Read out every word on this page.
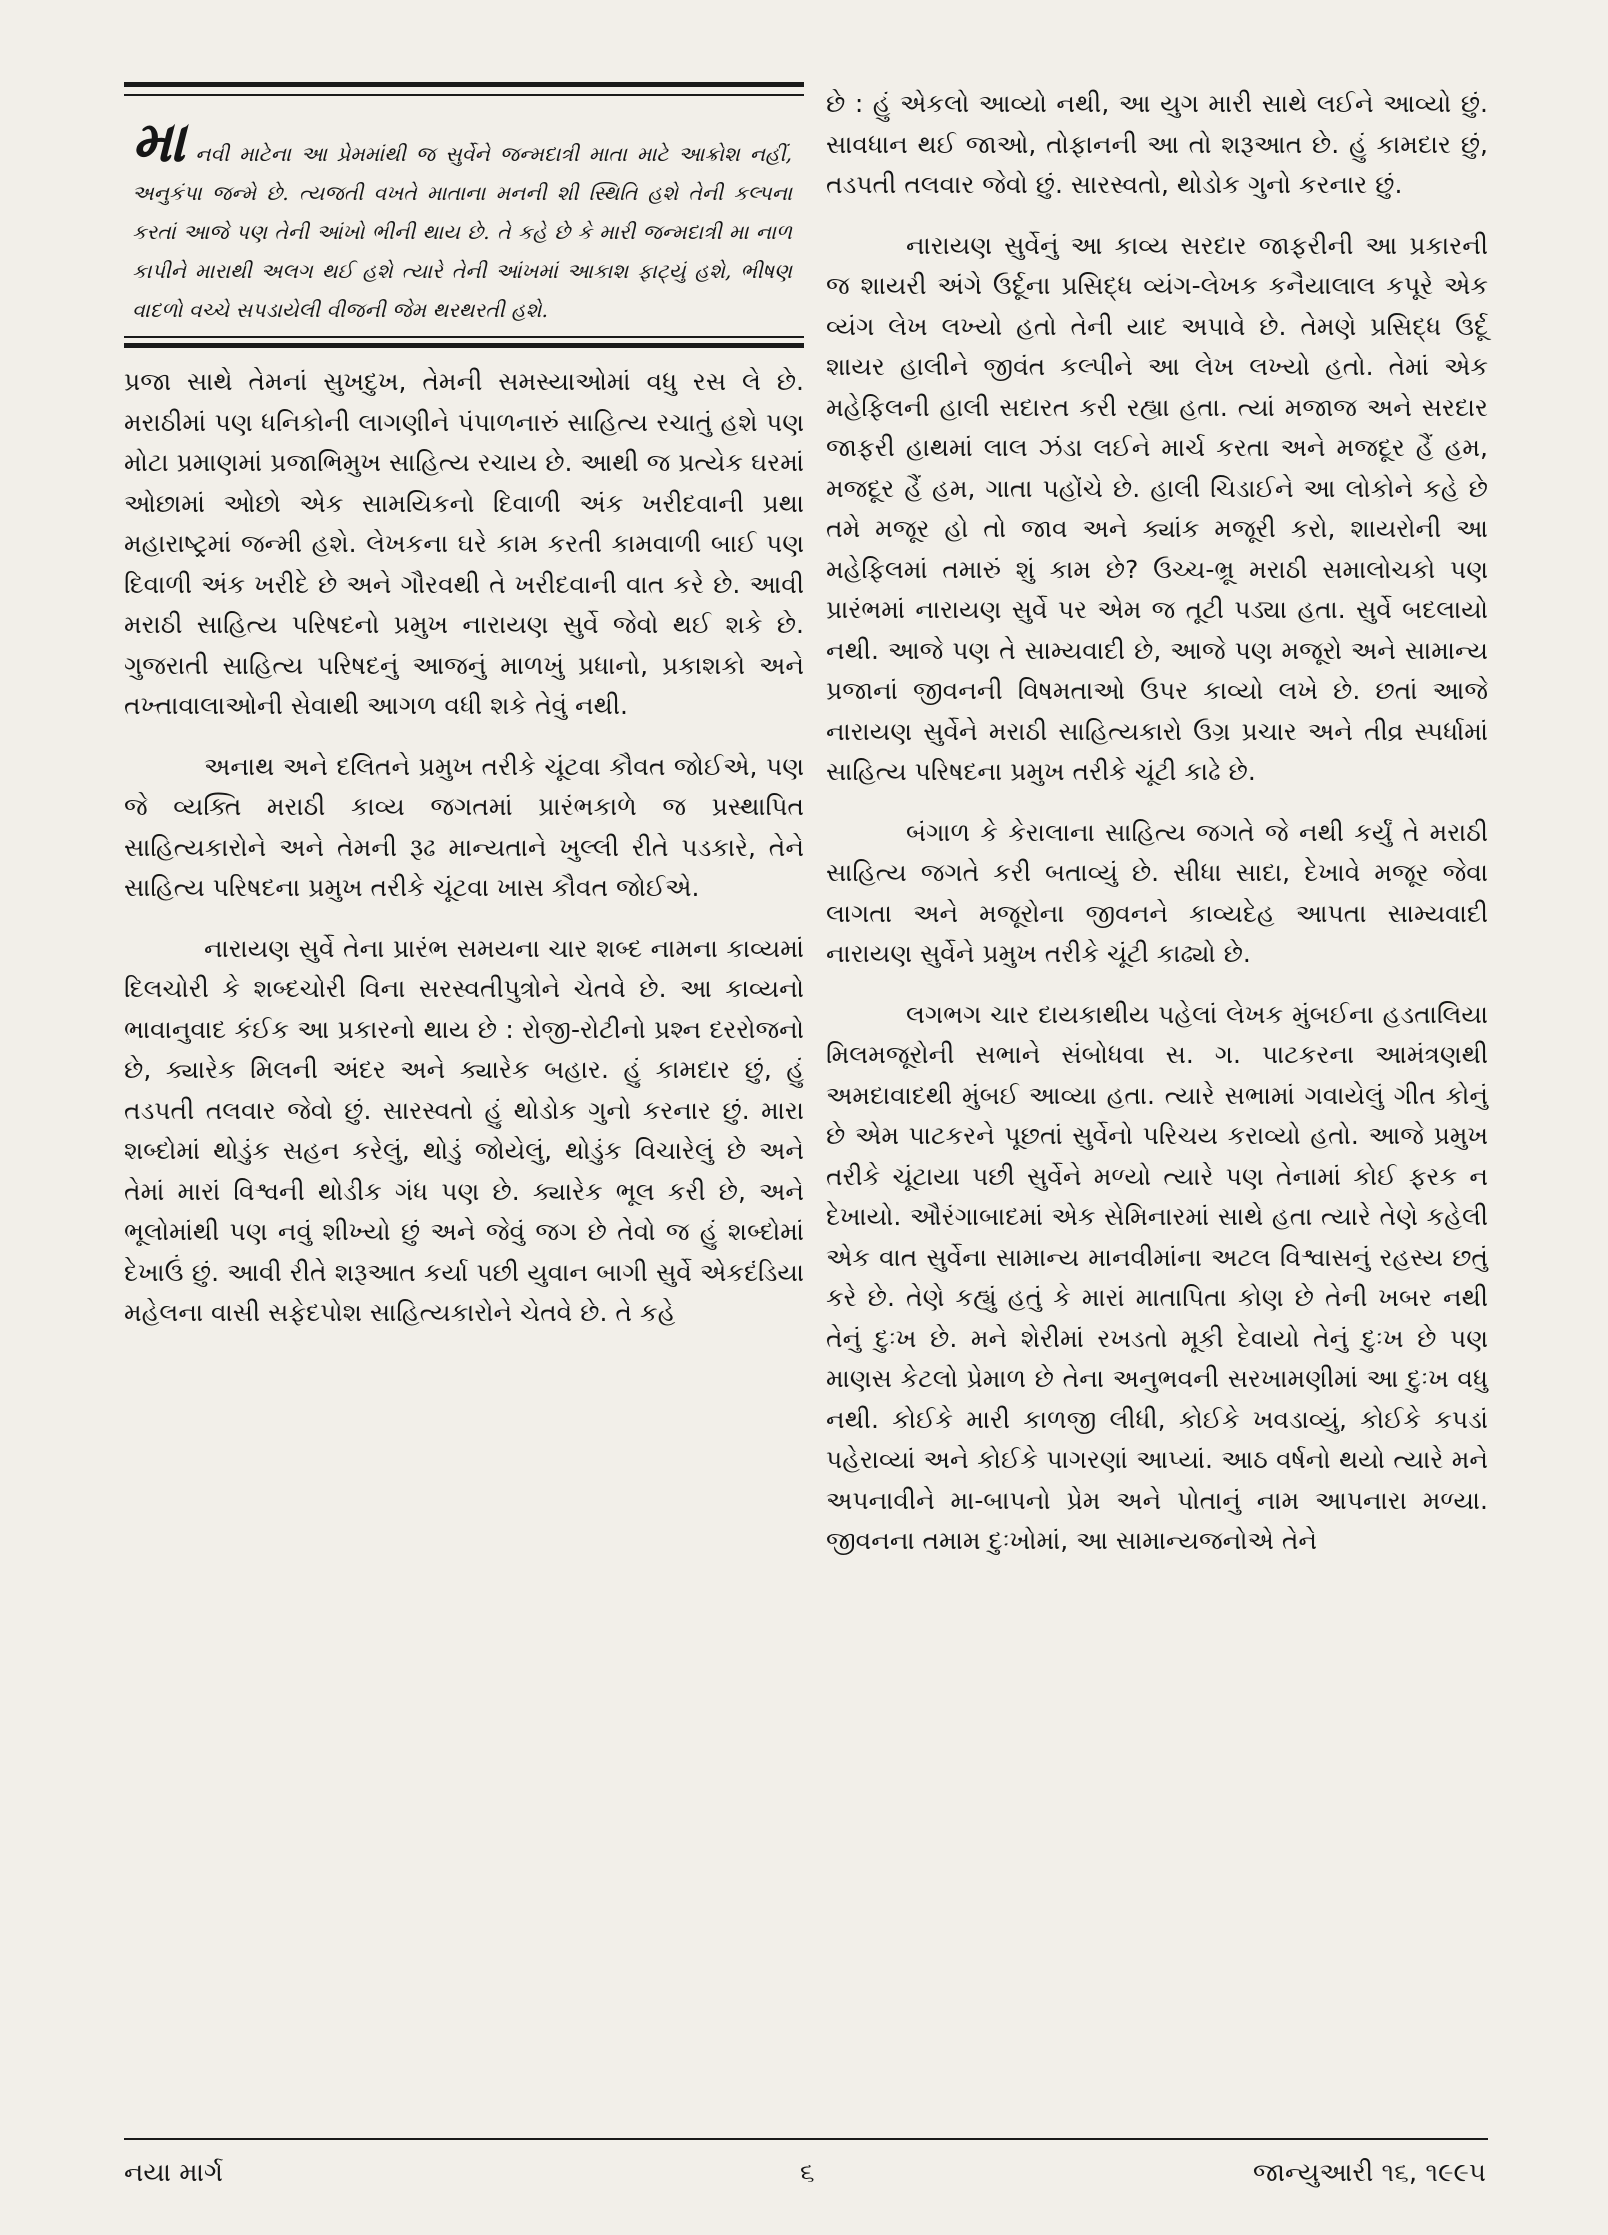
મા નવી માટેના આ પ્રેમમાંથી જ સુર્વેને જન્મદાત્રી માતા માટે આક્રોશ નહીં, અનુકંપા જન્મે છે. ત્યજતી વખતે માતાના મનની શી સ્થિતિ હશે તેની કલ્પના કરતાં આજે પણ તેની આંખો ભીની થાય છે. તે કહે છે કે મારી જન્મદાત્રી મા નાળ કાપીને મારાથી અલગ થઈ હશે ત્યારે તેની આંખમાં આકાશ ફાટ્યું હશે, ભીષણ વાદળો વચ્ચે સપડાયેલી વીજની જેમ થરથરતી હશે.

પ્રજા સાથે તેમનાં સુખદુખ, તેમની સમસ્યાઓમાં વધુ રસ લે છે. મરાઠીમાં પણ ધનિકોની લાગણીને પંપાળનારું સાહિત્ય રચાતું હશે પણ મોટા પ્રમાણમાં પ્રજાભિમુખ સાહિત્ય રચાય છે. આથી જ પ્રત્યેક ઘરમાં ઓછામાં ઓછો એક સામયિકનો દિવાળી અંક ખરીદવાની પ્રથા મહારાષ્ટ્રમાં જન્મી હશે. લેખકના ઘરે કામ કરતી કામવાળી બાઈ પણ દિવાળી અંક ખરીદે છે અને ગૌરવથી તે ખરીદવાની વાત કરે છે. આવી મરાઠી સાહિત્ય પરિષદનો પ્રમુખ નારાયણ સુર્વે જેવો થઈ શકે છે. ગુજરાતી સાહિત્ય પરિષદનું આજનું માળખું પ્રધાનો, પ્રકાશકો અને તખ્તાવાલાઓની સેવાથી આગળ વધી શકે તેવું નથી.

અનાથ અને દલિતને પ્રમુખ તરીકે ચૂંટવા કૌવત જોઈએ, પણ જે વ્યક્તિ મરાઠી કાવ્ય જગતમાં પ્રારંભકાળે જ પ્રસ્થાપિત સાહિત્યકારોને અને તેમની રૂઢ માન્યતાને ખુલ્લી રીતે પડકારે, તેને સાહિત્ય પરિષદના પ્રમુખ તરીકે ચૂંટવા ખાસ કૌવત જોઈએ.

નારાયણ સુર્વે તેના પ્રારંભ સમયના ચાર શબ્દ નામના કાવ્યમાં દિલચોરી કે શબ્દચોરી વિના સરસ્વતીપુત્રોને ચેતવે છે. આ કાવ્યનો ભાવાનુવાદ કંઈક આ પ્રકારનો થાય છે : રોજી-રોટીનો પ્રશ્ન દરરોજનો છે, ક્યારેક મિલની અંદર અને ક્યારેક બહાર. હું કામદાર છું, હું તડપતી તલવાર જેવો છું. સારસ્વતો હું થોડોક ગુનો કરનાર છું. મારા શબ્દોમાં થોડુંક સહન કરેલું, થોડું જોયેલું, થોડુંક વિચારેલું છે અને તેમાં મારાં વિશ્વની થોડીક ગંધ પણ છે. ક્યારેક ભૂલ કરી છે, અને ભૂલોમાંથી પણ નવું શીખ્યો છું અને જેવું જગ છે તેવો જ હું શબ્દોમાં દેખાઉં છું. આવી રીતે શરૂઆત કર્યા પછી યુવાન બાગી સુર્વે એકદંડિયા મહેલના વાસી સફેદપોશ સાહિત્યકારોને ચેતવે છે. તે કહે

છે : હું એકલો આવ્યો નથી, આ યુગ મારી સાથે લઈને આવ્યો છું. સાવધાન થઈ જાઓ, તોફાનની આ તો શરૂઆત છે. હું કામદાર છું, તડપતી તલવાર જેવો છું. સારસ્વતો, થોડોક ગુનો કરનાર છું.

નારાયણ સુર્વેનું આ કાવ્ય સરદાર જાફરીની આ પ્રકારની જ શાયરી અંગે ઉર્દૂના પ્રસિદ્ધ વ્યંગ-લેખક કનૈયાલાલ કપૂરે એક વ્યંગ લેખ લખ્યો હતો તેની યાદ અપાવે છે. તેમણે પ્રસિદ્ધ ઉર્દૂ શાયર હાલીને જીવંત કલ્પીને આ લેખ લખ્યો હતો. તેમાં એક મહેફિલની હાલી સદારત કરી રહ્યા હતા. ત્યાં મજાજ અને સરદાર જાફરી હાથમાં લાલ ઝંડા લઈને માર્ચ કરતા અને મજદૂર હૈં હમ, મજદૂર હૈં હમ, ગાતા પહોંચે છે. હાલી ચિડાઈને આ લોકોને કહે છે તમે મજૂર હો તો જાવ અને ક્યાંક મજૂરી કરો, શાયરોની આ મહેફિલમાં તમારું શું કામ છે? ઉચ્ચ-ભ્રૂ મરાઠી સમાલોચકો પણ પ્રારંભમાં નારાયણ સુર્વે પર એમ જ તૂટી પડ્યા હતા. સુર્વે બદલાયો નથી. આજે પણ તે સામ્યવાદી છે, આજે પણ મજૂરો અને સામાન્ય પ્રજાનાં જીવનની વિષમતાઓ ઉપર કાવ્યો લખે છે. છતાં આજે નારાયણ સુર્વેને મરાઠી સાહિત્યકારો ઉગ્ર પ્રચાર અને તીવ્ર સ્પર્ધામાં સાહિત્ય પરિષદના પ્રમુખ તરીકે ચૂંટી કાઢે છે.

બંગાળ કે કેરાલાના સાહિત્ય જગતે જે નથી કર્યું તે મરાઠી સાહિત્ય જગતે કરી બતાવ્યું છે. સીધા સાદા, દેખાવે મજૂર જેવા લાગતા અને મજૂરોના જીવનને કાવ્યદેહ આપતા સામ્યવાદી નારાયણ સુર્વેને પ્રમુખ તરીકે ચૂંટી કાઢ્યો છે.

લગભગ ચાર દાયકાથીય પહેલાં લેખક મુંબઈના હડતાલિયા મિલમજૂરોની સભાને સંબોધવા સ. ગ. પાટકરના આમંત્રણથી અમદાવાદથી મુંબઈ આવ્યા હતા. ત્યારે સભામાં ગવાયેલું ગીત કોનું છે એમ પાટકરને પૂછતાં સુર્વેનો પરિચય કરાવ્યો હતો. આજે પ્રમુખ તરીકે ચૂંટાયા પછી સુર્વેને મળ્યો ત્યારે પણ તેનામાં કોઈ ફરક ન દેખાયો. ઔરંગાબાદમાં એક સેમિનારમાં સાથે હતા ત્યારે તેણે કહેલી એક વાત સુર્વેના સામાન્ય માનવીમાંના અટલ વિશ્વાસનું રહસ્ય છતું કરે છે. તેણે કહ્યું હતું કે મારાં માતાપિતા કોણ છે તેની ખબર નથી તેનું દુઃખ છે. મને શેરીમાં રખડતો મૂકી દેવાયો તેનું દુઃખ છે પણ માણસ કેટલો પ્રેમાળ છે તેના અનુભવની સરખામણીમાં આ દુઃખ વધુ નથી. કોઈકે મારી કાળજી લીધી, કોઈકે ખવડાવ્યું, કોઈકે કપડાં પહેરાવ્યાં અને કોઈકે પાગરણાં આપ્યાં. આઠ વર્ષનો થયો ત્યારે મને અપનાવીને મા-બાપનો પ્રેમ અને પોતાનું નામ આપનારા મળ્યા. જીવનના તમામ દુઃખોમાં, આ સામાન્યજનોએ તેને

નયા માર્ગ	૬	જાન્યુઆરી ૧૬, ૧૯૯૫
